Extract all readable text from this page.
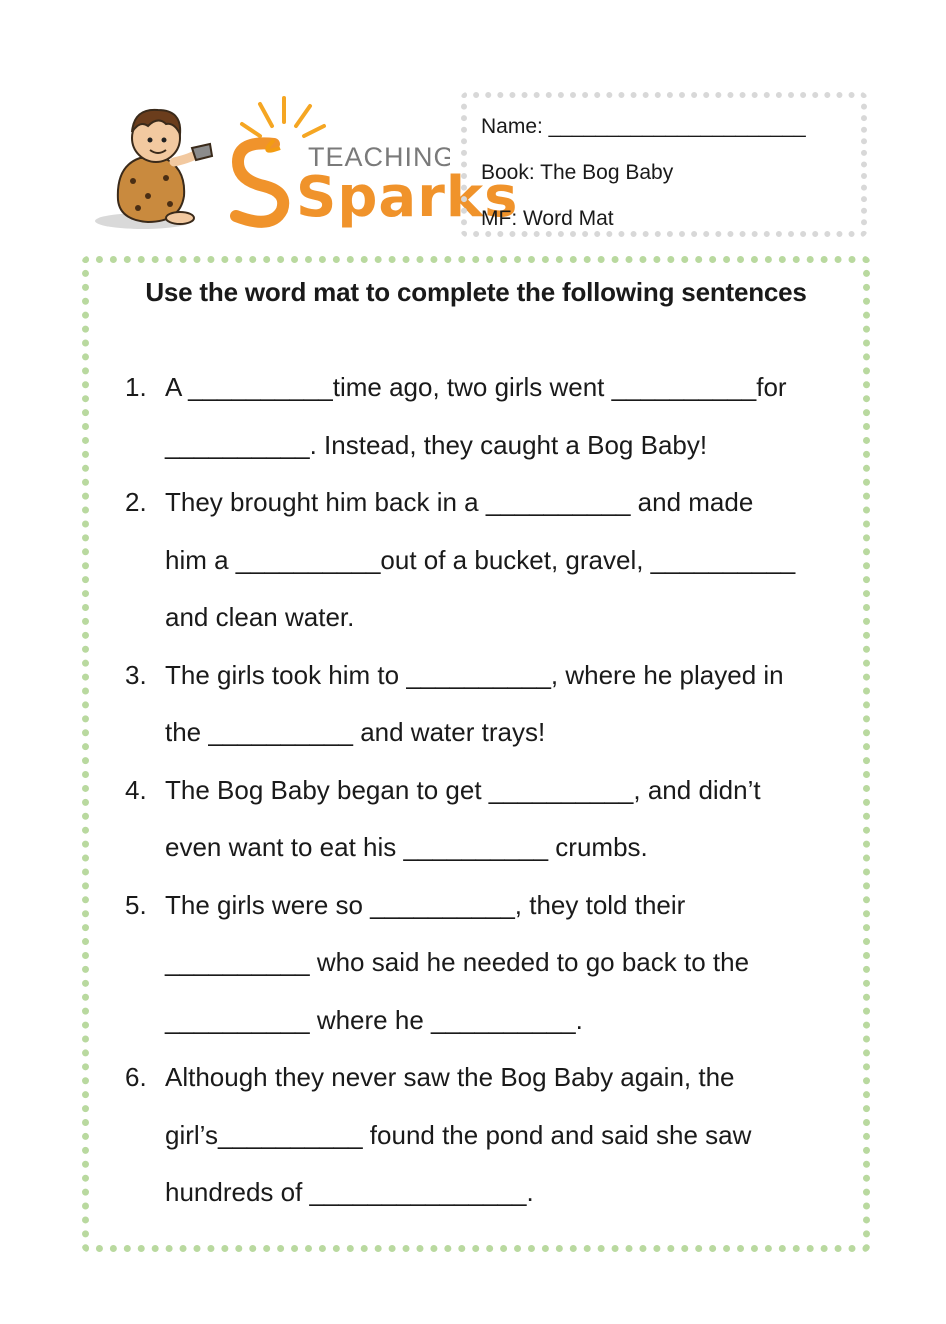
TEACHING
Sparks
Name: ______________________
Book: The Bog Baby
MF: Word Mat
Use the word mat to complete the following sentences
1. A __________time ago, two girls went __________for
__________. Instead, they caught a Bog Baby!
2. They brought him back in a __________ and made
him a __________out of a bucket, gravel, __________
and clean water.
3. The girls took him to __________, where he played in
the __________ and water trays!
4. The Bog Baby began to get __________, and didn’t
even want to eat his __________ crumbs.
5. The girls were so __________, they told their
__________ who said he needed to go back to the
__________ where he __________.
6. Although they never saw the Bog Baby again, the
girl’s__________ found the pond and said she saw
hundreds of _______________.
